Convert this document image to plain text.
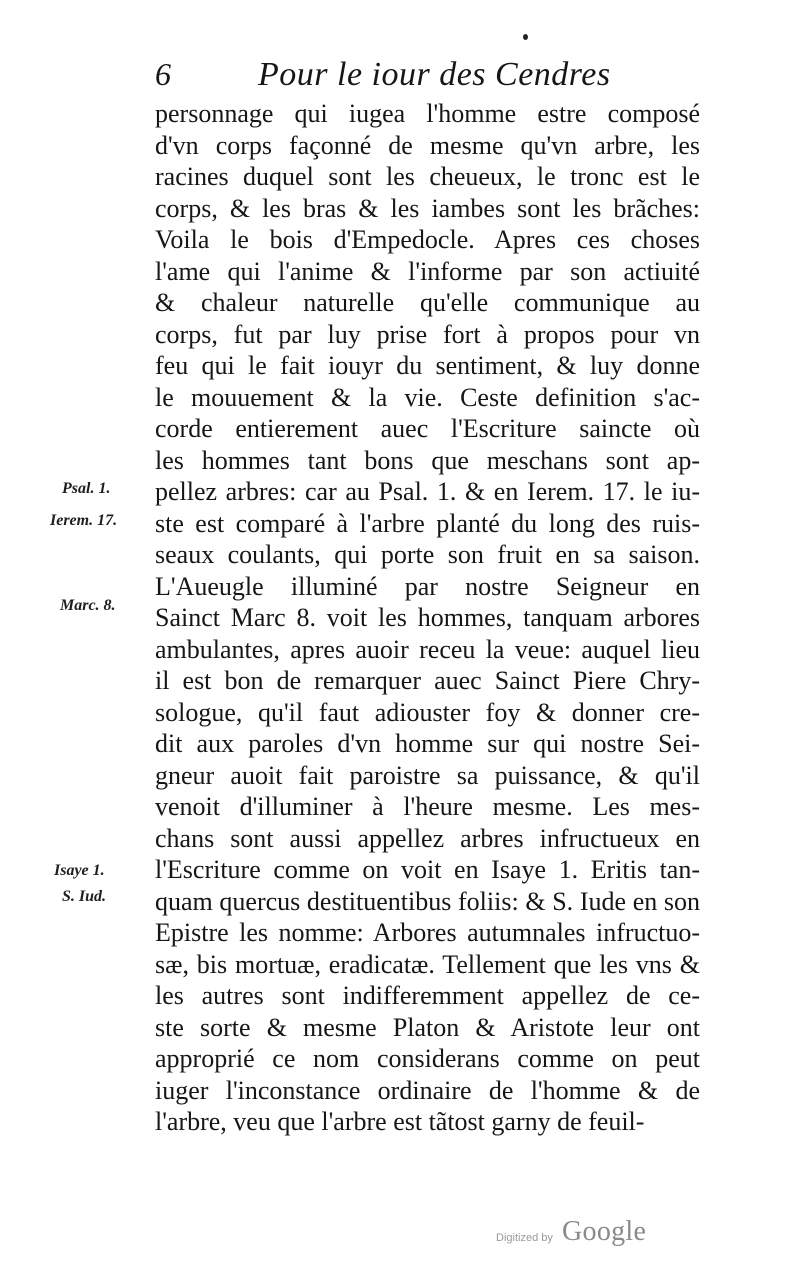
6	Pour le iour des Cendres
personnage qui iugea l'homme estre composé
d'vn corps façonné de mesme qu'vn arbre, les
racines duquel sont les cheueux, le tronc est le
corps, & les bras & les iambes sont les brãches:
Voila le bois d'Empedocle. Apres ces choses
l'ame qui l'anime & l'informe par son actiuité
& chaleur naturelle qu'elle communique au
corps, fut par luy prise fort à propos pour vn
feu qui le fait iouyr du sentiment, & luy donne
le mouuement & la vie. Ceste definition s'ac-
corde entierement auec l'Escriture saincte où
les hommes tant bons que meschans sont ap-
pellez arbres: car au Psal. 1. & en Ierem. 17. le iu-
ste est comparé à l'arbre planté du long des ruis-
seaux coulants, qui porte son fruit en sa saison.
L'Aueugle illuminé par nostre Seigneur en
Sainct Marc 8. voit les hommes, tanquam arbores
ambulantes, apres auoir receu la veue: auquel lieu
il est bon de remarquer auec Sainct Piere Chry-
sologue, qu'il faut adiouster foy & donner cre-
dit aux paroles d'vn homme sur qui nostre Sei-
gneur auoit fait paroistre sa puissance, & qu'il
venoit d'illuminer à l'heure mesme. Les mes-
chans sont aussi appellez arbres infructueux en
l'Escriture comme on voit en Isaye 1. Eritis tan-
quam quercus destituentibus foliis: & S. Iude en son
Epistre les nomme: Arbores autumnales infructuo-
sæ, bis mortuæ, eradicatæ. Tellement que les vns &
les autres sont indifferemment appellez de ce-
ste sorte & mesme Platon & Aristote leur ont
approprié ce nom considerans comme on peut
iuger l'inconstance ordinaire de l'homme & de
l'arbre, veu que l'arbre est tãtost garny de feuil-
Psal. 1.
Ierem. 17.
Marc. 8.
Isaye 1.
S. Iud.
Digitized by Google
